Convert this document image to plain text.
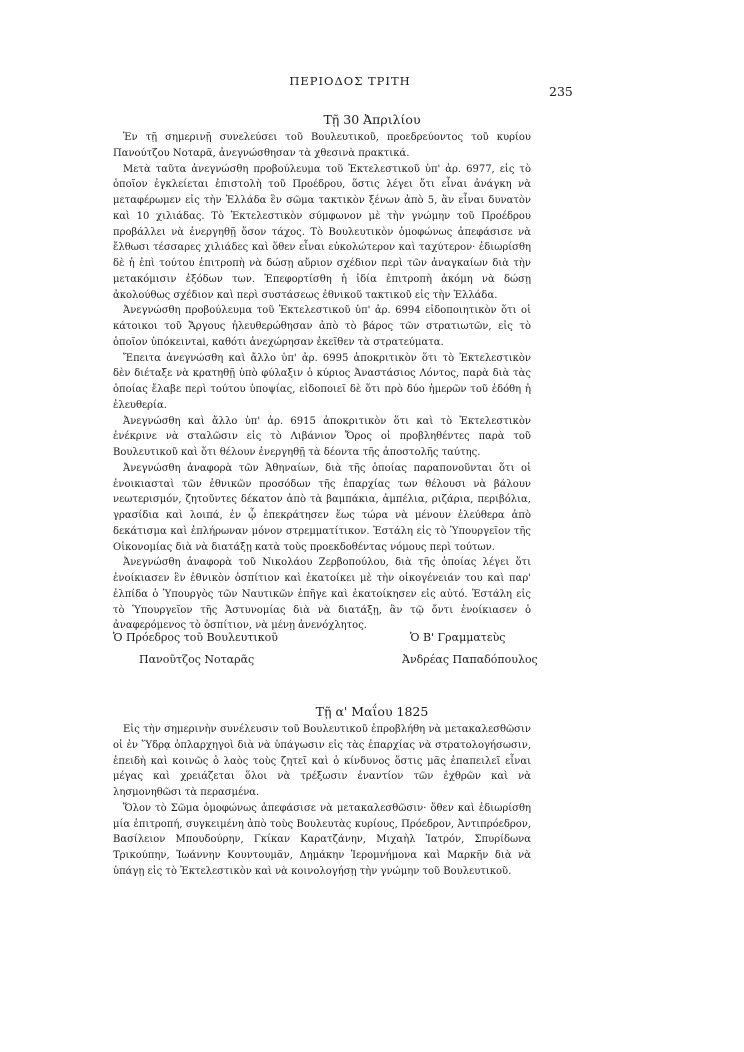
ΠΕΡΙΟΔΟΣ ΤΡΙΤΗ
235
Τῇ 30 Ἀπριλίου

Ἐν τῇ σημερινῇ συνελεύσει τοῦ Βουλευτικοῦ, προεδρεύοντος τοῦ κυρίου Πανούτζου Νοταρᾶ, ἀνεγνώσθησαν τὰ χθεσινὰ πρακτικά.

Μετὰ ταῦτα ἀνεγνώσθη προβούλευμα τοῦ Ἐκτελεστικοῦ ὑπ' ἀρ. 6977, εἰς τὸ ὁποῖον ἐγκλείεται ἐπιστολὴ τοῦ Προέδρου, ὅστις λέγει ὅτι εἶναι ἀνάγκη νὰ μεταφέρωμεν εἰς τὴν Ἑλλάδα ἓν σῶμα τακτικὸν ξένων ἀπὸ 5, ἂν εἶναι δυνατὸν καὶ 10 χιλιάδας. Τὸ Ἐκτελεστικὸν σύμφωνον μὲ τὴν γνώμην τοῦ Προέδρου προβάλλει νὰ ἐνεργηθῇ ὅσον τάχος. Τὸ Βουλευτικὸν ὁμοφώνως ἀπεφάσισε νὰ ἔλθωσι τέσσαρες χιλιάδες καὶ ὅθεν εἶναι εὐκολώτερον καὶ ταχύτερον· ἐδιωρίσθη δὲ ἡ ἐπὶ τούτου ἐπιτροπὴ νὰ δώσῃ αὔριον σχέδιον περὶ τῶν ἀναγκαίων διὰ τὴν μετακόμισιν ἐξόδων των. Ἐπεφορτίσθη ἡ ἰδία ἐπιτροπὴ ἀκόμη νὰ δώσῃ ἀκολούθως σχέδιον καὶ περὶ συστάσεως ἐθνικοῦ τακτικοῦ εἰς τὴν Ἑλλάδα.

Ἀνεγνώσθη προβούλευμα τοῦ Ἐκτελεστικοῦ ὑπ' ἀρ. 6994 εἰδοποιητικὸν ὅτι οἱ κάτοικοι τοῦ Ἄργους ἠλευθερώθησαν ἀπὸ τὸ βάρος τῶν στρατιωτῶν, εἰς τὸ ὁποῖον ὑπόκειντai, καθότι ἀνεχώρησαν ἐκεῖθεν τὰ στρατεύματα.

Ἔπειτα ἀνεγνώσθη καὶ ἄλλο ὑπ' ἀρ. 6995 ἀποκριτικὸν ὅτι τὸ Ἐκτελεστικὸν δὲν διέταξε νὰ κρατηθῇ ὑπὸ φύλαξιν ὁ κύριος Ἀναστάσιος Λόντος, παρὰ διὰ τὰς ὁποίας ἔλαβε περὶ τούτου ὑποψίας, εἰδοποιεῖ δὲ ὅτι πρὸ δύο ἡμερῶν τοῦ ἐδόθη ἡ ἐλευθερία.

Ἀνεγνώσθη καὶ ἄλλο ὑπ' ἀρ. 6915 ἀποκριτικὸν ὅτι καὶ τὸ Ἐκτελεστικὸν ἐνέκρινε νὰ σταλῶσιν εἰς τὸ Λιβάνιον Ὄρος οἱ προβληθέντες παρὰ τοῦ Βουλευτικοῦ καὶ ὅτι θέλουν ἐνεργηθῇ τὰ δέοντα τῆς ἀποστολῆς ταύτης.

Ἀνεγνώσθη ἀναφορὰ τῶν Ἀθηναίων, διὰ τῆς ὁποίας παραπονοῦνται ὅτι οἱ ἐνοικιασταὶ τῶν ἐθνικῶν προσόδων τῆς ἐπαρχίας των θέλουσι νὰ βάλουν νεωτερισμόν, ζητοῦντες δέκατον ἀπὸ τὰ βαμπάκια, ἀμπέλια, ριζάρια, περιβόλια, γρασίδια καὶ λοιπά, ἐν ᾧ ἐπεκράτησεν ἕως τώρα νὰ μένουν ἐλεύθερα ἀπὸ δεκάτισμα καὶ ἐπλήρωναν μόνον στρεμματίτικον. Ἐστάλη εἰς τὸ Ὑπουργεῖον τῆς Οἰκονομίας διὰ νὰ διατάξῃ κατὰ τοὺς προεκδοθέντας νόμους περὶ τούτων.

Ἀνεγνώσθη ἀναφορὰ τοῦ Νικολάου Ζερβοπούλου, διὰ τῆς ὁποίας λέγει ὅτι ἐνοίκιασεν ἓν ἐθνικὸν ὀσπίτιον καὶ ἐκατοίκει μὲ τὴν οἰκογένειάν του καὶ παρ' ἐλπίδα ὁ Ὑπουργὸς τῶν Ναυτικῶν ἐπῆγε καὶ ἐκατοίκησεν εἰς αὐτό. Ἐστάλη εἰς τὸ Ὑπουργεῖον τῆς Ἀστυνομίας διὰ νὰ διατάξῃ, ἂν τῷ ὄντι ἐνοίκιασεν ὁ ἀναφερόμενος τὸ ὀσπίτιον, νὰ μένῃ ἀνενόχλητος.

Ὁ Πρόεδρος τοῦ Βουλευτικοῦ
Πανοῦτζος Νοταρᾶς
Ὁ Β' Γραμματεὺς
Ἀνδρέας Παπαδόπουλος
Τῇ α' Μαΐου 1825

Εἰς τὴν σημερινὴν συνέλευσιν τοῦ Βουλευτικοῦ ἐπροβλήθη νὰ μετακαλεσθῶσιν οἱ ἐν Ὕδρᾳ ὁπλαρχηγοὶ διὰ νὰ ὑπάγωσιν εἰς τὰς ἐπαρχίας νὰ στρατολογήσωσιν, ἐπειδὴ καὶ κοινῶς ὁ λαὸς τοὺς ζητεῖ καὶ ὁ κίνδυνος ὅστις μᾶς ἐπαπειλεῖ εἶναι μέγας καὶ χρειάζεται ὅλοι νὰ τρέξωσιν ἐναντίον τῶν ἐχθρῶν καὶ νὰ λησμονηθῶσι τὰ περασμένα.

Ὅλον τὸ Σῶμα ὁμοφώνως ἀπεφάσισε νὰ μετακαλεσθῶσιν· ὅθεν καὶ ἐδιωρίσθη μία ἐπιτροπή, συγκειμένη ἀπὸ τοὺς Βουλευτὰς κυρίους, Πρόεδρον, Ἀντιπρόεδρον, Βασίλειον Μπουδούρην, Γκίκαν Καρατζάνην, Μιχαὴλ Ἰατρόν, Σπυρίδωνα Τρικούπην, Ἰωάννην Κουντουμᾶν, Δημάκην Ἱερομνήμονα καὶ Μαρκῆν διὰ νὰ ὑπάγῃ εἰς τὸ Ἐκτελεστικὸν καὶ νὰ κοινολογήσῃ τὴν γνώμην τοῦ Βουλευτικοῦ.
